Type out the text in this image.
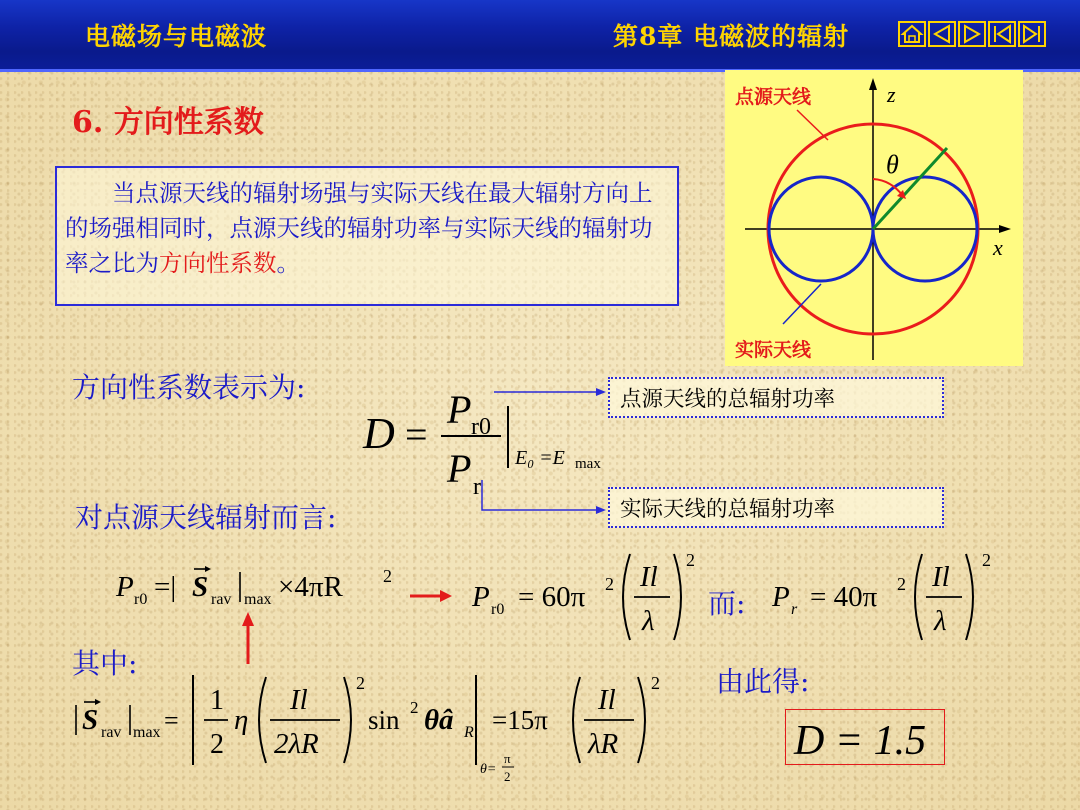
电磁场与电磁波	第8章 电磁波的辐射
6. 方向性系数
当点源天线的辐射场强与实际天线在最大辐射方向上的场强相同时，点源天线的辐射功率与实际天线的辐射功率之比为方向性系数。
z
x
θ
点源天线
实际天线
方向性系数表示为:
D =
P r0
P r
E₀ =E max
点源天线的总辐射功率
实际天线的总辐射功率
对点源天线辐射而言:
P r0 =| S rav max ×4πR 2
P r0 = 60π 2 Il
λ
2
而: P r = 40π 2 Il
λ
2
其中:
S rav max =
1
2
η
Il
2λR
2
sin 2 θâ R
θ=
π
2
=15π
Il
λR
2 由此得:
D = 1.5
